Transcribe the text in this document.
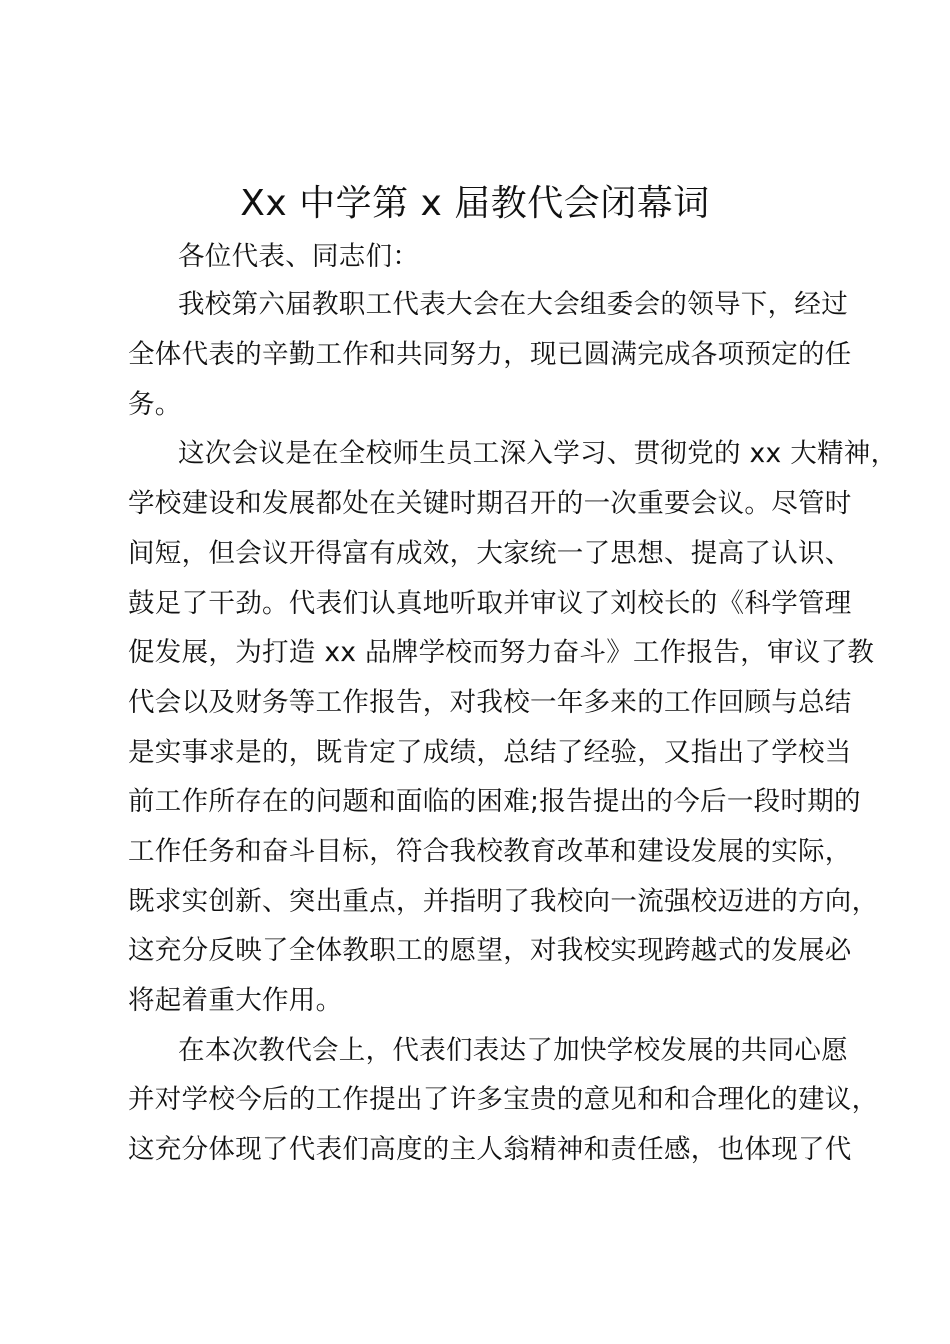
Xx 中学第 x 届教代会闭幕词

各位代表、同志们：

我校第六届教职工代表大会在大会组委会的领导下，经过

全体代表的辛勤工作和共同努力，现已圆满完成各项预定的任

务。

这次会议是在全校师生员工深入学习、贯彻党的 xx 大精神，

学校建设和发展都处在关键时期召开的一次重要会议。尽管时

间短，但会议开得富有成效，大家统一了思想、提高了认识、

鼓足了干劲。代表们认真地听取并审议了刘校长的《科学管理

促发展，为打造 xx 品牌学校而努力奋斗》工作报告，审议了教

代会以及财务等工作报告，对我校一年多来的工作回顾与总结

是实事求是的，既肯定了成绩，总结了经验，又指出了学校当

前工作所存在的问题和面临的困难;报告提出的今后一段时期的

工作任务和奋斗目标，符合我校教育改革和建设发展的实际，

既求实创新、突出重点，并指明了我校向一流强校迈进的方向，

这充分反映了全体教职工的愿望，对我校实现跨越式的发展必

将起着重大作用。

在本次教代会上，代表们表达了加快学校发展的共同心愿

并对学校今后的工作提出了许多宝贵的意见和和合理化的建议，

这充分体现了代表们高度的主人翁精神和责任感，也体现了代
